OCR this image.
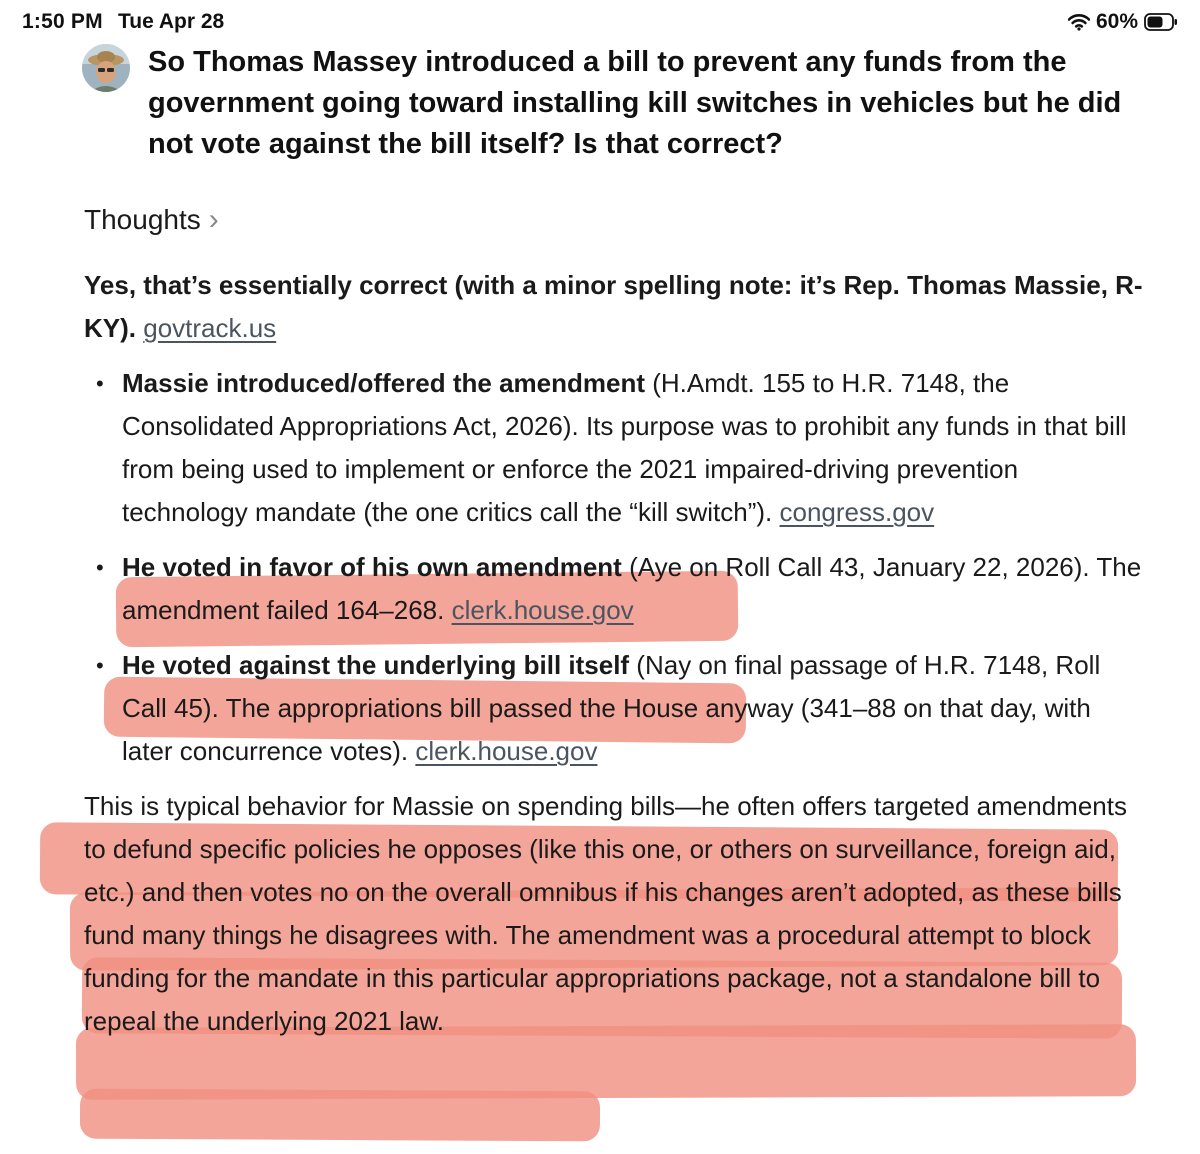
1:50 PM Tue Apr 28	60%

So Thomas Massey introduced a bill to prevent any funds from the government going toward installing kill switches in vehicles but he did not vote against the bill itself? Is that correct?

Thoughts ›

Yes, that’s essentially correct (with a minor spelling note: it’s Rep. Thomas Massie, R-KY). govtrack.us

• Massie introduced/offered the amendment (H.Amdt. 155 to H.R. 7148, the Consolidated Appropriations Act, 2026). Its purpose was to prohibit any funds in that bill from being used to implement or enforce the 2021 impaired-driving prevention technology mandate (the one critics call the “kill switch”). congress.gov
• He voted in favor of his own amendment (Aye on Roll Call 43, January 22, 2026). The amendment failed 164–268. clerk.house.gov
• He voted against the underlying bill itself (Nay on final passage of H.R. 7148, Roll Call 45). The appropriations bill passed the House anyway (341–88 on that day, with later concurrence votes). clerk.house.gov

This is typical behavior for Massie on spending bills—he often offers targeted amendments to defund specific policies he opposes (like this one, or others on surveillance, foreign aid, etc.) and then votes no on the overall omnibus if his changes aren’t adopted, as these bills fund many things he disagrees with. The amendment was a procedural attempt to block funding for the mandate in this particular appropriations package, not a standalone bill to repeal the underlying 2021 law.
